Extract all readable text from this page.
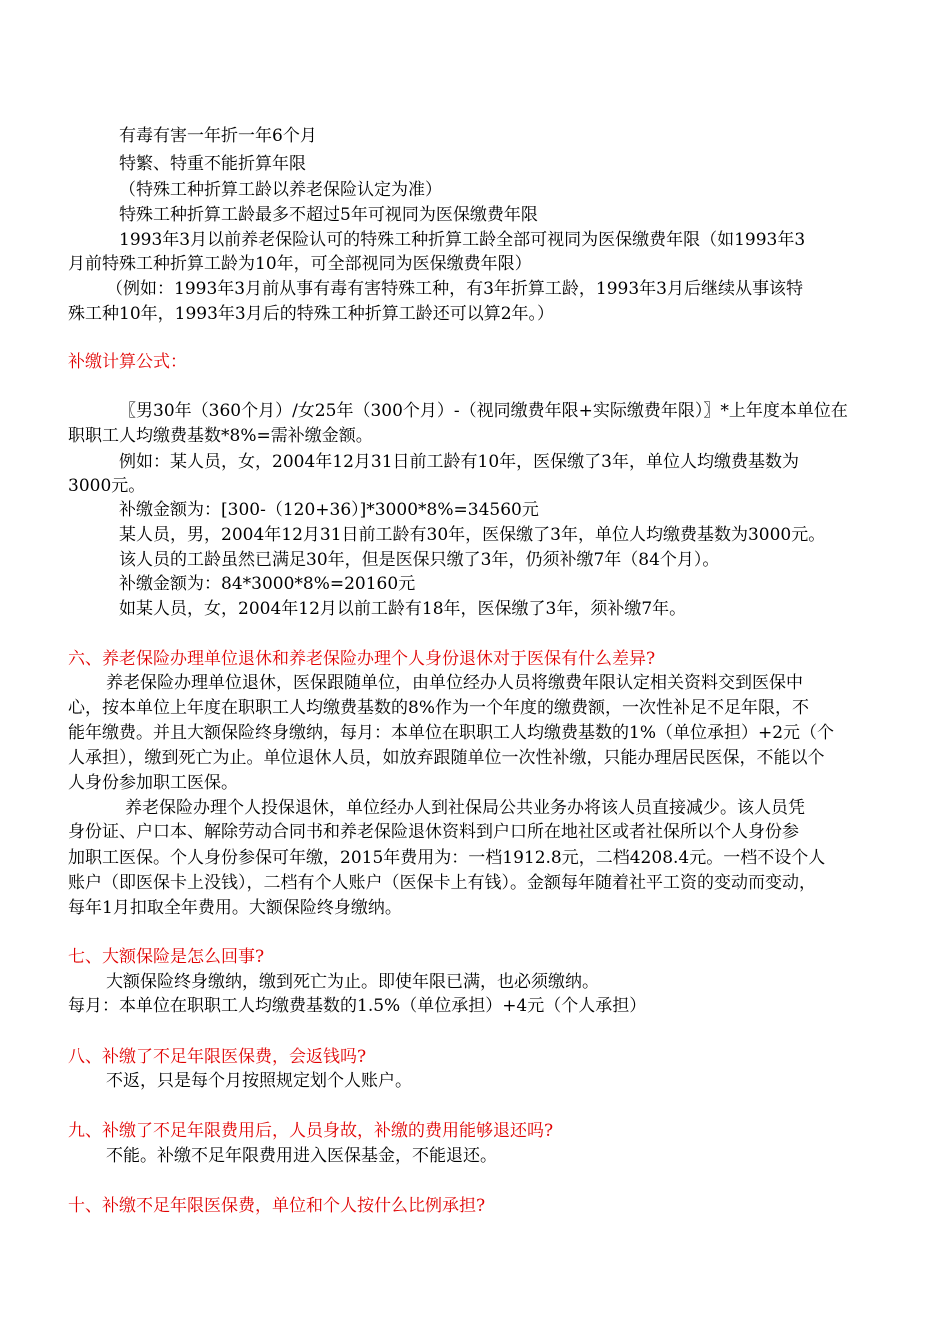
有毒有害一年折一年6个月
特繁、特重不能折算年限
（特殊工种折算工龄以养老保险认定为准）
特殊工种折算工龄最多不超过5年可视同为医保缴费年限
1993年3月以前养老保险认可的特殊工种折算工龄全部可视同为医保缴费年限（如1993年3
月前特殊工种折算工龄为10年，可全部视同为医保缴费年限）
（例如：1993年3月前从事有毒有害特殊工种，有3年折算工龄，1993年3月后继续从事该特
殊工种10年，1993年3月后的特殊工种折算工龄还可以算2年。）
补缴计算公式：
〖男30年（360个月）/女25年（300个月）-（视同缴费年限+实际缴费年限）〗*上年度本单位在
职职工人均缴费基数*8%=需补缴金额。
例如：某人员，女，2004年12月31日前工龄有10年，医保缴了3年，单位人均缴费基数为
3000元。
补缴金额为：[300-（120+36）]*3000*8%=34560元
某人员，男，2004年12月31日前工龄有30年，医保缴了3年，单位人均缴费基数为3000元。
该人员的工龄虽然已满足30年，但是医保只缴了3年，仍须补缴7年（84个月）。
补缴金额为：84*3000*8%=20160元
如某人员，女，2004年12月以前工龄有18年，医保缴了3年，须补缴7年。
六、养老保险办理单位退休和养老保险办理个人身份退休对于医保有什么差异?
养老保险办理单位退休，医保跟随单位，由单位经办人员将缴费年限认定相关资料交到医保中
心，按本单位上年度在职职工人均缴费基数的8%作为一个年度的缴费额，一次性补足不足年限，不
能年缴费。并且大额保险终身缴纳，每月：本单位在职职工人均缴费基数的1%（单位承担）+2元（个
人承担），缴到死亡为止。单位退休人员，如放弃跟随单位一次性补缴，只能办理居民医保，不能以个
人身份参加职工医保。
养老保险办理个人投保退休，单位经办人到社保局公共业务办将该人员直接减少。该人员凭
身份证、户口本、解除劳动合同书和养老保险退休资料到户口所在地社区或者社保所以个人身份参
加职工医保。个人身份参保可年缴，2015年费用为：一档1912.8元，二档4208.4元。一档不设个人
账户（即医保卡上没钱），二档有个人账户（医保卡上有钱）。金额每年随着社平工资的变动而变动，
每年1月扣取全年费用。大额保险终身缴纳。
七、大额保险是怎么回事?
大额保险终身缴纳，缴到死亡为止。即使年限已满，也必须缴纳。
每月：本单位在职职工人均缴费基数的1.5%（单位承担）+4元（个人承担）
八、补缴了不足年限医保费，会返钱吗?
不返，只是每个月按照规定划个人账户。
九、补缴了不足年限费用后，人员身故，补缴的费用能够退还吗?
不能。补缴不足年限费用进入医保基金，不能退还。
十、补缴不足年限医保费，单位和个人按什么比例承担?
